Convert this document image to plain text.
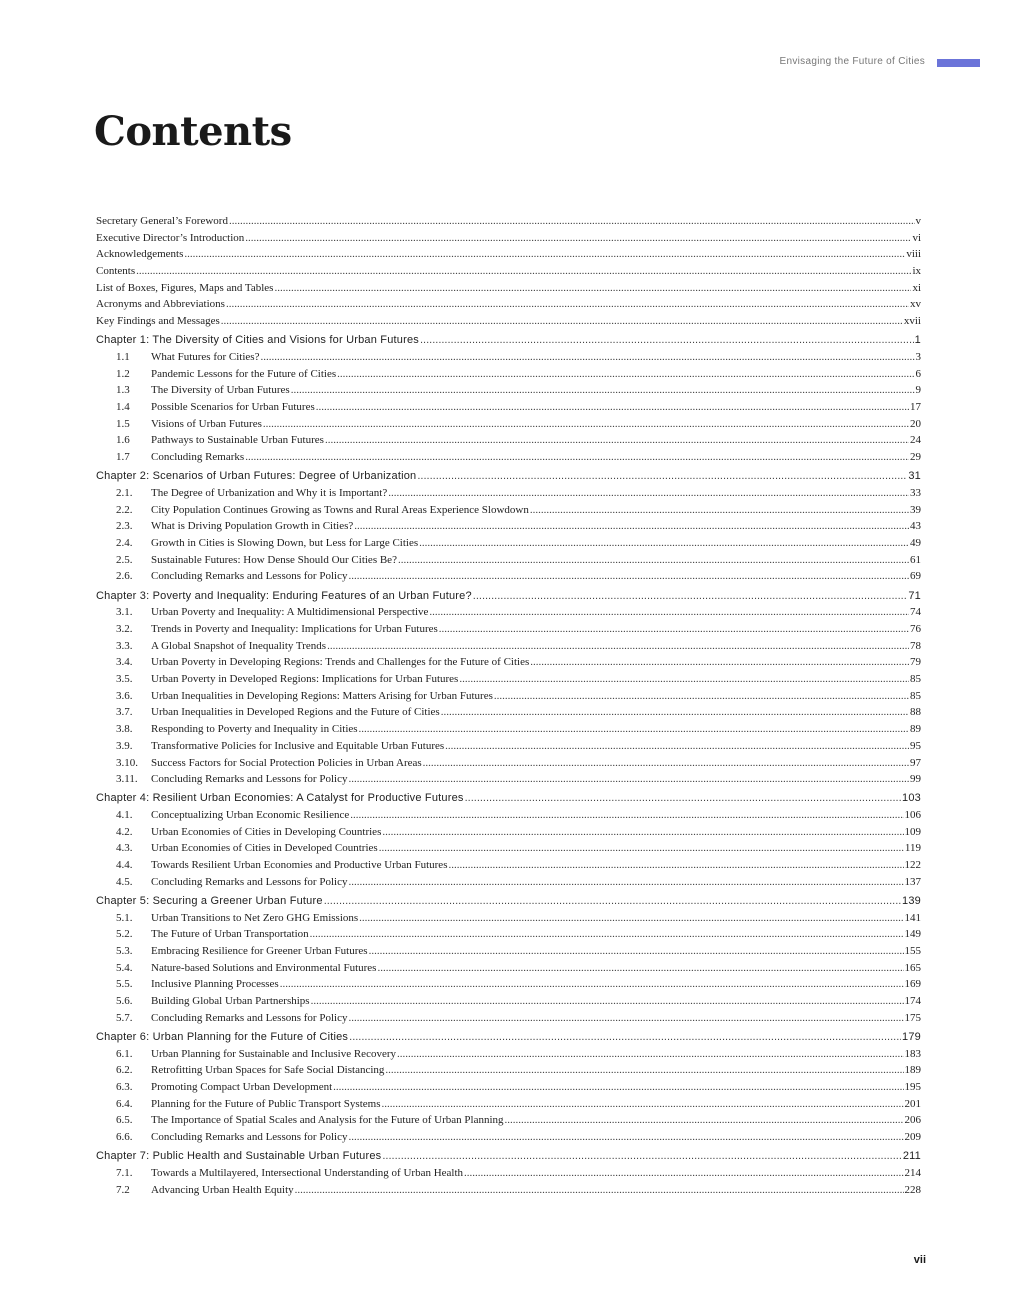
Envisaging the Future of Cities
Contents
Secretary General’s Foreword .....	v
Executive Director’s Introduction .....	vi
Acknowledgements .....	viii
Contents .....	ix
List of Boxes, Figures, Maps and Tables .....	xi
Acronyms and Abbreviations .....	xv
Key Findings and Messages .....	xvii
Chapter 1: The Diversity of Cities and Visions for Urban Futures .....	1
1.1	What Futures for Cities? .....	3
1.2	Pandemic Lessons for the Future of Cities .....	6
1.3	The Diversity of Urban Futures .....	9
1.4	Possible Scenarios for Urban Futures .....	17
1.5	Visions of Urban Futures .....	20
1.6	Pathways to Sustainable Urban Futures .....	24
1.7	Concluding Remarks .....	29
Chapter 2: Scenarios of Urban Futures: Degree of Urbanization .....	31
2.1.	The Degree of Urbanization and Why it is Important? .....	33
2.2.	City Population Continues Growing as Towns and Rural Areas Experience Slowdown .....	39
2.3.	What is Driving Population Growth in Cities? .....	43
2.4.	Growth in Cities is Slowing Down, but Less for Large Cities .....	49
2.5.	Sustainable Futures: How Dense Should Our Cities Be? .....	61
2.6.	Concluding Remarks and Lessons for Policy .....	69
Chapter 3: Poverty and Inequality: Enduring Features of an Urban Future? .....	71
3.1.	Urban Poverty and Inequality: A Multidimensional Perspective .....	74
3.2.	Trends in Poverty and Inequality: Implications for Urban Futures .....	76
3.3.	A Global Snapshot of Inequality Trends .....	78
3.4.	Urban Poverty in Developing Regions: Trends and Challenges for the Future of Cities .....	79
3.5.	Urban Poverty in Developed Regions: Implications for Urban Futures .....	85
3.6.	Urban Inequalities in Developing Regions: Matters Arising for Urban Futures .....	85
3.7.	Urban Inequalities in Developed Regions and the Future of Cities .....	88
3.8.	Responding to Poverty and Inequality in Cities .....	89
3.9.	Transformative Policies for Inclusive and Equitable Urban Futures .....	95
3.10.	Success Factors for Social Protection Policies in Urban Areas .....	97
3.11.	Concluding Remarks and Lessons for Policy .....	99
Chapter 4: Resilient Urban Economies: A Catalyst for Productive Futures .....	103
4.1.	Conceptualizing Urban Economic Resilience .....	106
4.2.	Urban Economies of Cities in Developing Countries .....	109
4.3.	Urban Economies of Cities in Developed Countries .....	119
4.4.	Towards Resilient Urban Economies and Productive Urban Futures .....	122
4.5.	Concluding Remarks and Lessons for Policy .....	137
Chapter 5: Securing a Greener Urban Future .....	139
5.1.	Urban Transitions to Net Zero GHG Emissions .....	141
5.2.	The Future of Urban Transportation .....	149
5.3.	Embracing Resilience for Greener Urban Futures .....	155
5.4.	Nature-based Solutions and Environmental Futures .....	165
5.5.	Inclusive Planning Processes .....	169
5.6.	Building Global Urban Partnerships .....	174
5.7.	Concluding Remarks and Lessons for Policy .....	175
Chapter 6: Urban Planning for the Future of Cities .....	179
6.1.	Urban Planning for Sustainable and Inclusive Recovery .....	183
6.2.	Retrofitting Urban Spaces for Safe Social Distancing .....	189
6.3.	Promoting Compact Urban Development .....	195
6.4.	Planning for the Future of Public Transport Systems .....	201
6.5.	The Importance of Spatial Scales and Analysis for the Future of Urban Planning .....	206
6.6.	Concluding Remarks and Lessons for Policy .....	209
Chapter 7: Public Health and Sustainable Urban Futures .....	211
7.1.	Towards a Multilayered, Intersectional Understanding of Urban Health .....	214
7.2	Advancing Urban Health Equity .....	228
vii
